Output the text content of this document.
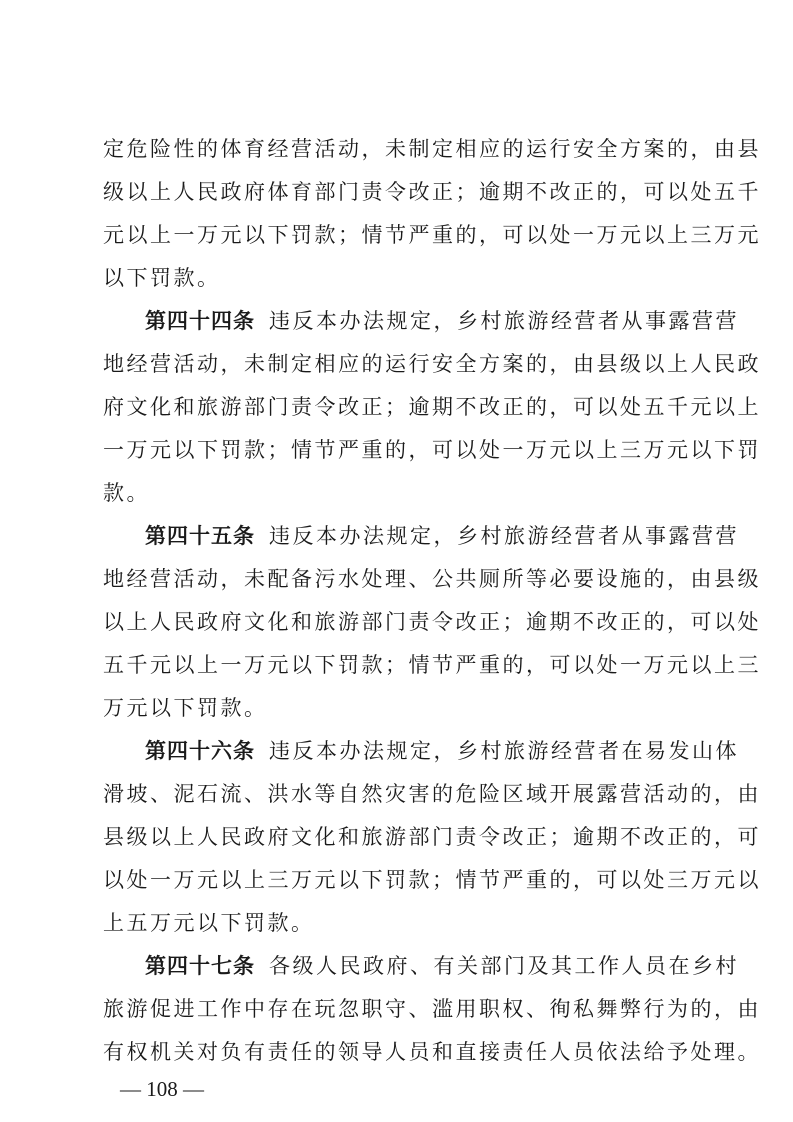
定危险性的体育经营活动，未制定相应的运行安全方案的，由县
级以上人民政府体育部门责令改正；逾期不改正的，可以处五千
元以上一万元以下罚款；情节严重的，可以处一万元以上三万元
以下罚款。
第四十四条 违反本办法规定，乡村旅游经营者从事露营营
地经营活动，未制定相应的运行安全方案的，由县级以上人民政
府文化和旅游部门责令改正；逾期不改正的，可以处五千元以上
一万元以下罚款；情节严重的，可以处一万元以上三万元以下罚
款。
第四十五条 违反本办法规定，乡村旅游经营者从事露营营
地经营活动，未配备污水处理、公共厕所等必要设施的，由县级
以上人民政府文化和旅游部门责令改正；逾期不改正的，可以处
五千元以上一万元以下罚款；情节严重的，可以处一万元以上三
万元以下罚款。
第四十六条 违反本办法规定，乡村旅游经营者在易发山体
滑坡、泥石流、洪水等自然灾害的危险区域开展露营活动的，由
县级以上人民政府文化和旅游部门责令改正；逾期不改正的，可
以处一万元以上三万元以下罚款；情节严重的，可以处三万元以
上五万元以下罚款。
第四十七条 各级人民政府、有关部门及其工作人员在乡村
旅游促进工作中存在玩忽职守、滥用职权、徇私舞弊行为的，由
有权机关对负有责任的领导人员和直接责任人员依法给予处理。
— 108 —
